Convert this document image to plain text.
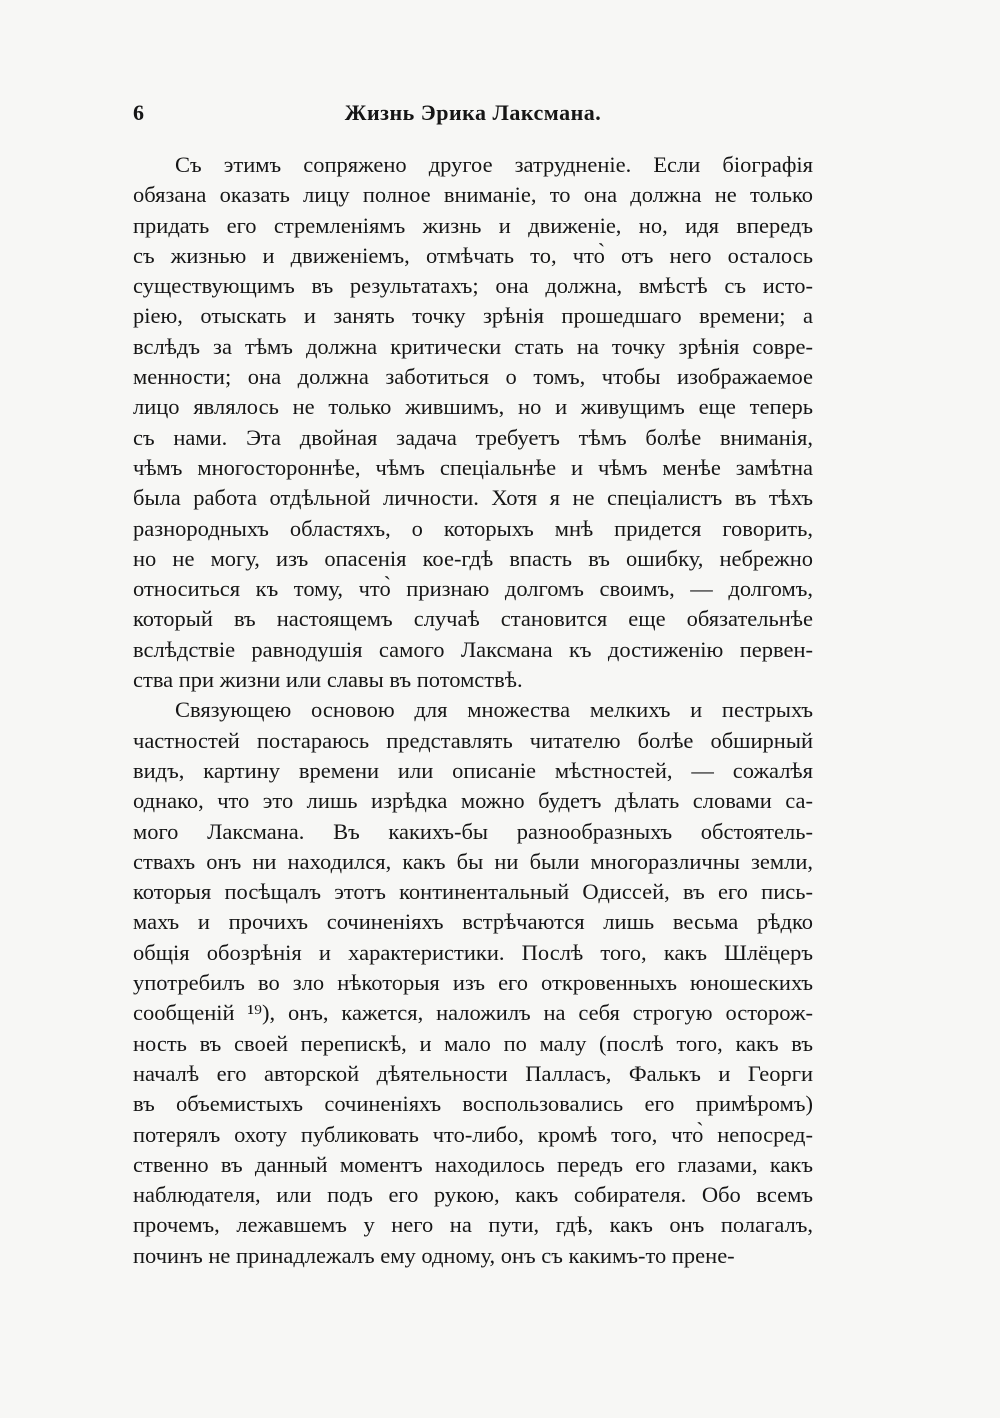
6	Жизнь Эрика Лаксмана.
Съ этимъ сопряжено другое затрудненіе. Если біографія
обязана оказать лицу полное вниманіе, то она должна не только
придать его стремленіямъ жизнь и движеніе, но, идя впередъ
съ жизнью и движеніемъ, отмѣчать то, что̀ отъ него осталось
существующимъ въ результатахъ; она должна, вмѣстѣ съ исто-
ріею, отыскать и занять точку зрѣнія прошедшаго времени; а
вслѣдъ за тѣмъ должна критически стать на точку зрѣнія совре-
менности; она должна заботиться о томъ, чтобы изображаемое
лицо являлось не только жившимъ, но и живущимъ еще теперь
съ нами. Эта двойная задача требуетъ тѣмъ болѣе вниманія,
чѣмъ многостороннѣе, чѣмъ спеціальнѣе и чѣмъ менѣе замѣтна
была работа отдѣльной личности. Хотя я не спеціалистъ въ тѣхъ
разнородныхъ областяхъ, о которыхъ мнѣ придется говорить,
но не могу, изъ опасенія кое-гдѣ впасть въ ошибку, небрежно
относиться къ тому, что̀ признаю долгомъ своимъ, — долгомъ,
который въ настоящемъ случаѣ становится еще обязательнѣе
вслѣдствіе равнодушія самого Лаксмана къ достиженію первен-
ства при жизни или славы въ потомствѣ.
Связующею основою для множества мелкихъ и пестрыхъ
частностей постараюсь представлять читателю болѣе обширный
видъ, картину времени или описаніе мѣстностей, — сожалѣя
однако, что это лишь изрѣдка можно будетъ дѣлать словами са-
мого Лаксмана. Въ какихъ-бы разнообразныхъ обстоятель-
ствахъ онъ ни находился, какъ бы ни были многоразличны земли,
которыя посѣщалъ этотъ континентальный Одиссей, въ его пись-
махъ и прочихъ сочиненіяхъ встрѣчаются лишь весьма рѣдко
общія обозрѣнія и характеристики. Послѣ того, какъ Шлёцеръ
употребилъ во зло нѣкоторыя изъ его откровенныхъ юношескихъ
сообщеній ¹⁹), онъ, кажется, наложилъ на себя строгую осторож-
ность въ своей перепискѣ, и мало по малу (послѣ того, какъ въ
началѣ его авторской дѣятельности Палласъ, Фалькъ и Георги
въ объемистыхъ сочиненіяхъ воспользовались его примѣромъ)
потерялъ охоту публиковать что-либо, кромѣ того, что̀ непосред-
ственно въ данный моментъ находилось передъ его глазами, какъ
наблюдателя, или подъ его рукою, какъ собирателя. Обо всемъ
прочемъ, лежавшемъ у него на пути, гдѣ, какъ онъ полагалъ,
починъ не принадлежалъ ему одному, онъ съ какимъ-то прене-
